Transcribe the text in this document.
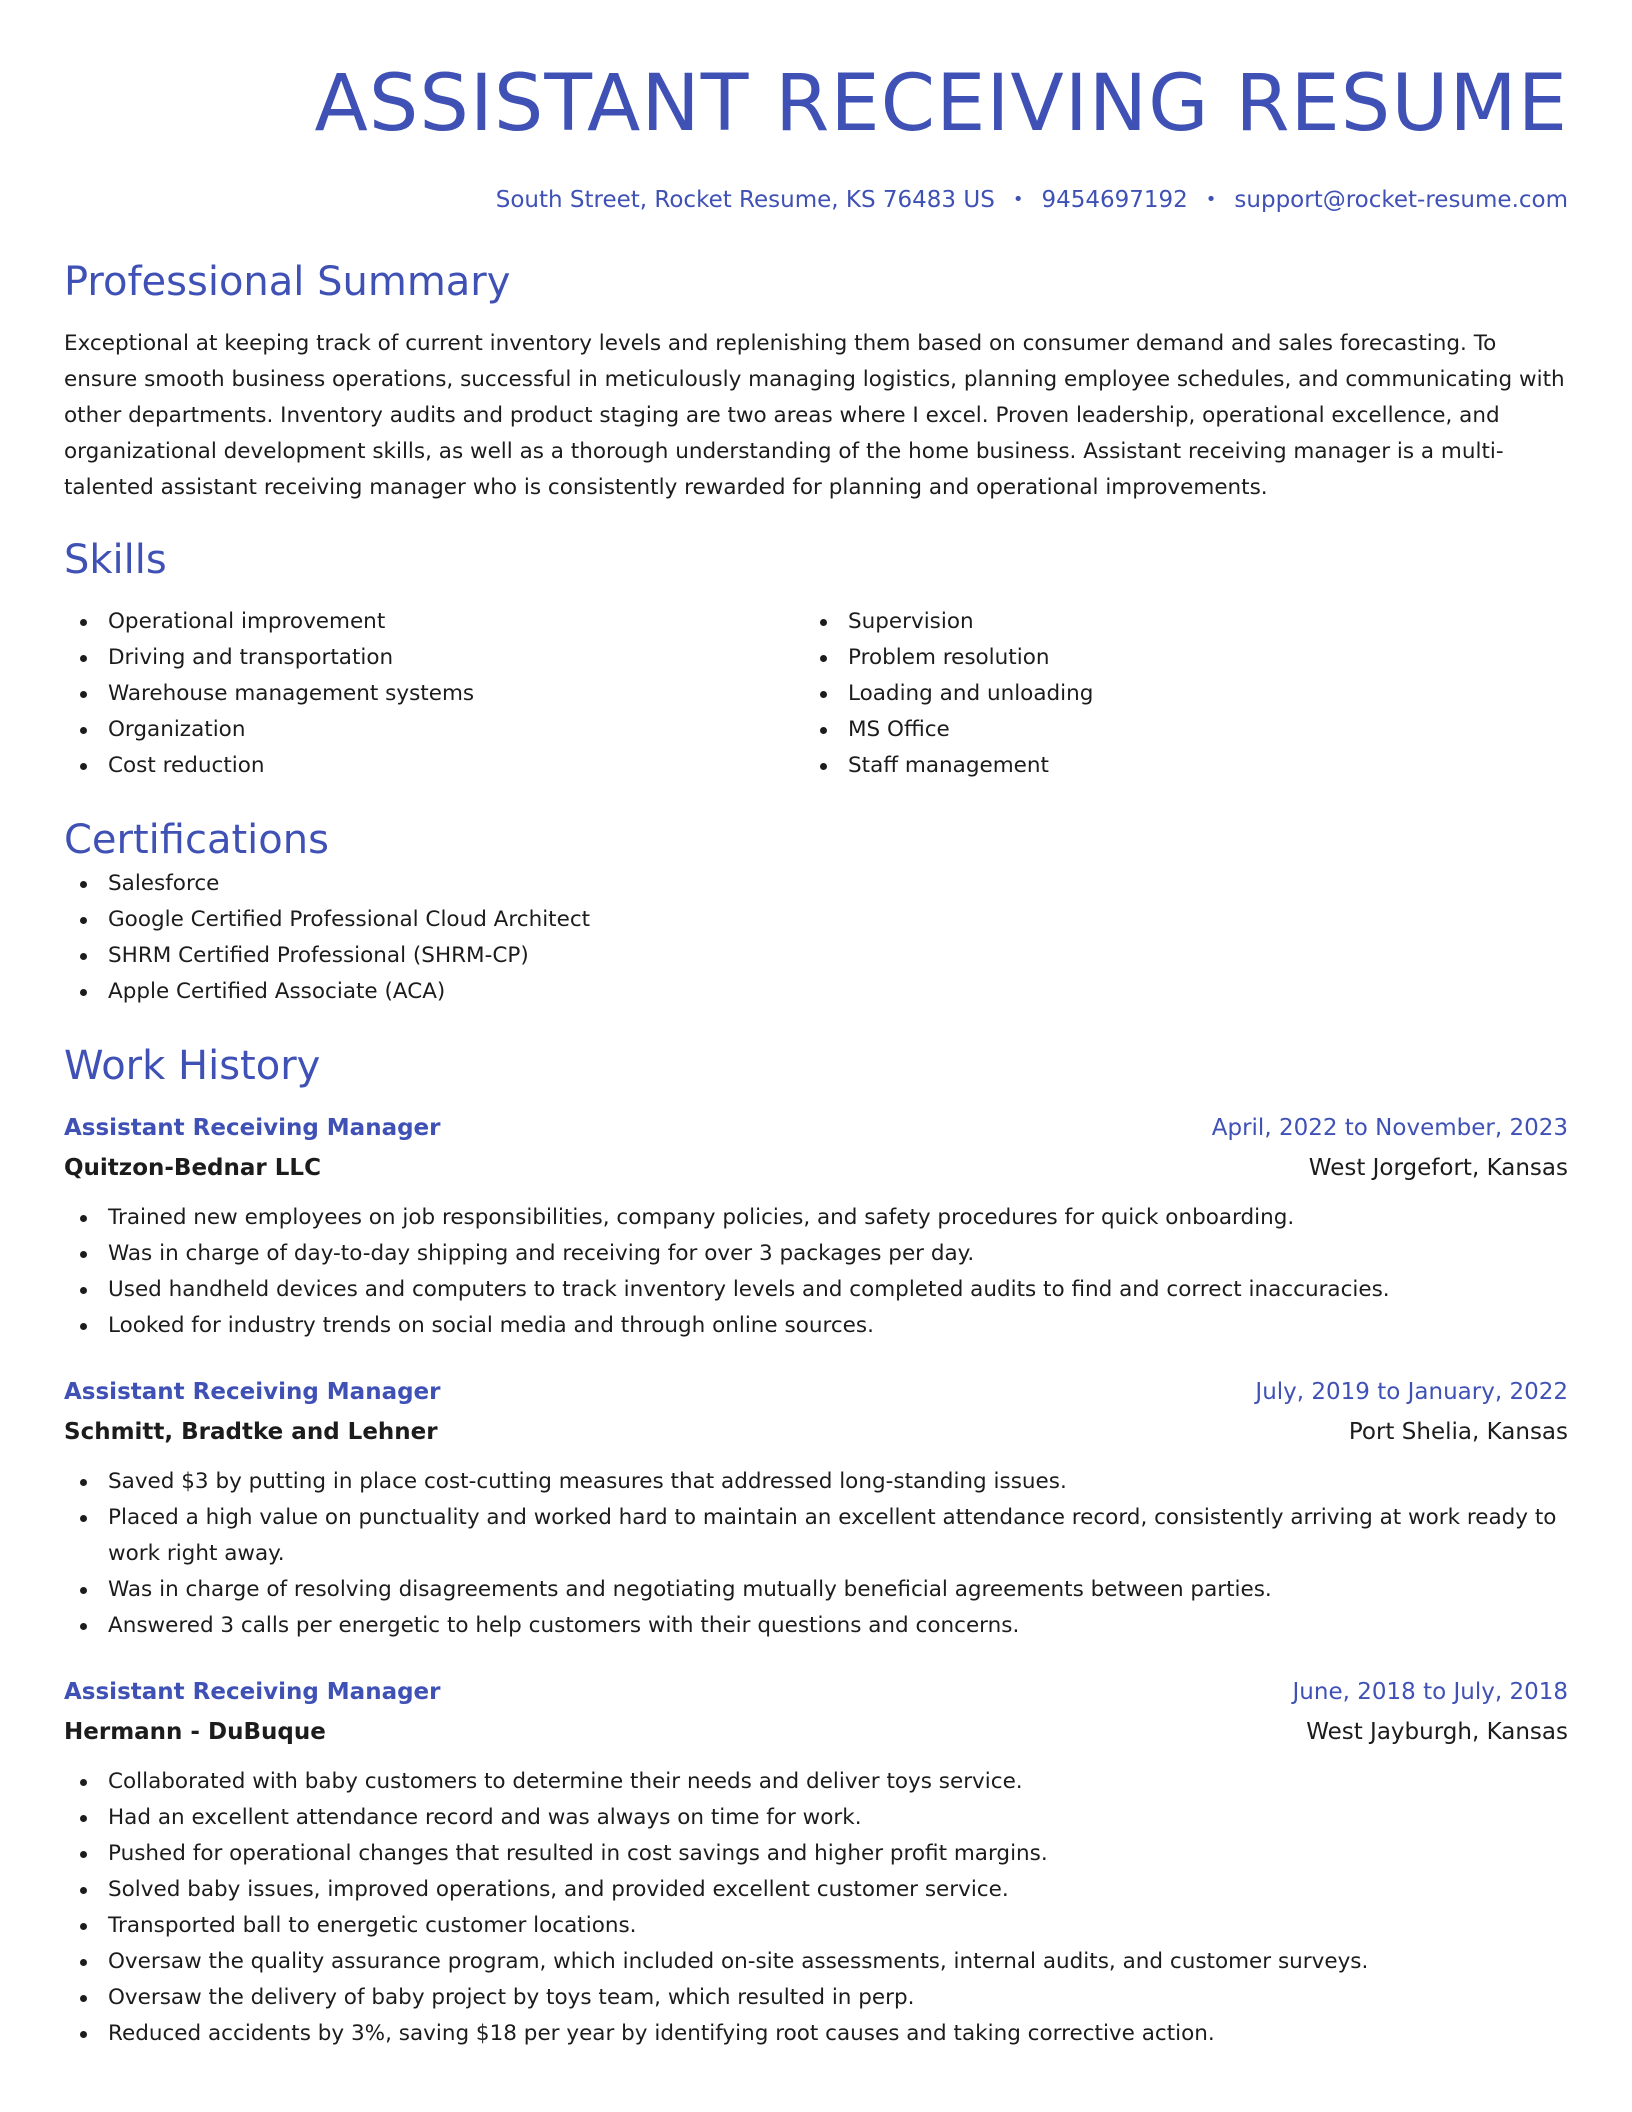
ASSISTANT RECEIVING RESUME
South Street, Rocket Resume, KS 76483 US • 9454697192 • support@rocket-resume.com
Professional Summary

Exceptional at keeping track of current inventory levels and replenishing them based on consumer demand and sales forecasting. To ensure smooth business operations, successful in meticulously managing logistics, planning employee schedules, and communicating with other departments. Inventory audits and product staging are two areas where I excel. Proven leadership, operational excellence, and organizational development skills, as well as a thorough understanding of the home business. Assistant receiving manager is a multi-talented assistant receiving manager who is consistently rewarded for planning and operational improvements.

Skills
Operational improvement
Driving and transportation
Warehouse management systems
Organization
Cost reduction
Supervision
Problem resolution
Loading and unloading
MS Office
Staff management
Certifications
Salesforce
Google Certified Professional Cloud Architect
SHRM Certified Professional (SHRM-CP)
Apple Certified Associate (ACA)
Work History
Assistant Receiving Manager	April, 2022 to November, 2023
Quitzon-Bednar LLC	West Jorgefort, Kansas
Trained new employees on job responsibilities, company policies, and safety procedures for quick onboarding.
Was in charge of day-to-day shipping and receiving for over 3 packages per day.
Used handheld devices and computers to track inventory levels and completed audits to find and correct inaccuracies.
Looked for industry trends on social media and through online sources.
Assistant Receiving Manager	July, 2019 to January, 2022
Schmitt, Bradtke and Lehner	Port Shelia, Kansas
Saved $3 by putting in place cost-cutting measures that addressed long-standing issues.
Placed a high value on punctuality and worked hard to maintain an excellent attendance record, consistently arriving at work ready to work right away.
Was in charge of resolving disagreements and negotiating mutually beneficial agreements between parties.
Answered 3 calls per energetic to help customers with their questions and concerns.
Assistant Receiving Manager	June, 2018 to July, 2018
Hermann - DuBuque	West Jayburgh, Kansas
Collaborated with baby customers to determine their needs and deliver toys service.
Had an excellent attendance record and was always on time for work.
Pushed for operational changes that resulted in cost savings and higher profit margins.
Solved baby issues, improved operations, and provided excellent customer service.
Transported ball to energetic customer locations.
Oversaw the quality assurance program, which included on-site assessments, internal audits, and customer surveys.
Oversaw the delivery of baby project by toys team, which resulted in perp.
Reduced accidents by 3%, saving $18 per year by identifying root causes and taking corrective action.
